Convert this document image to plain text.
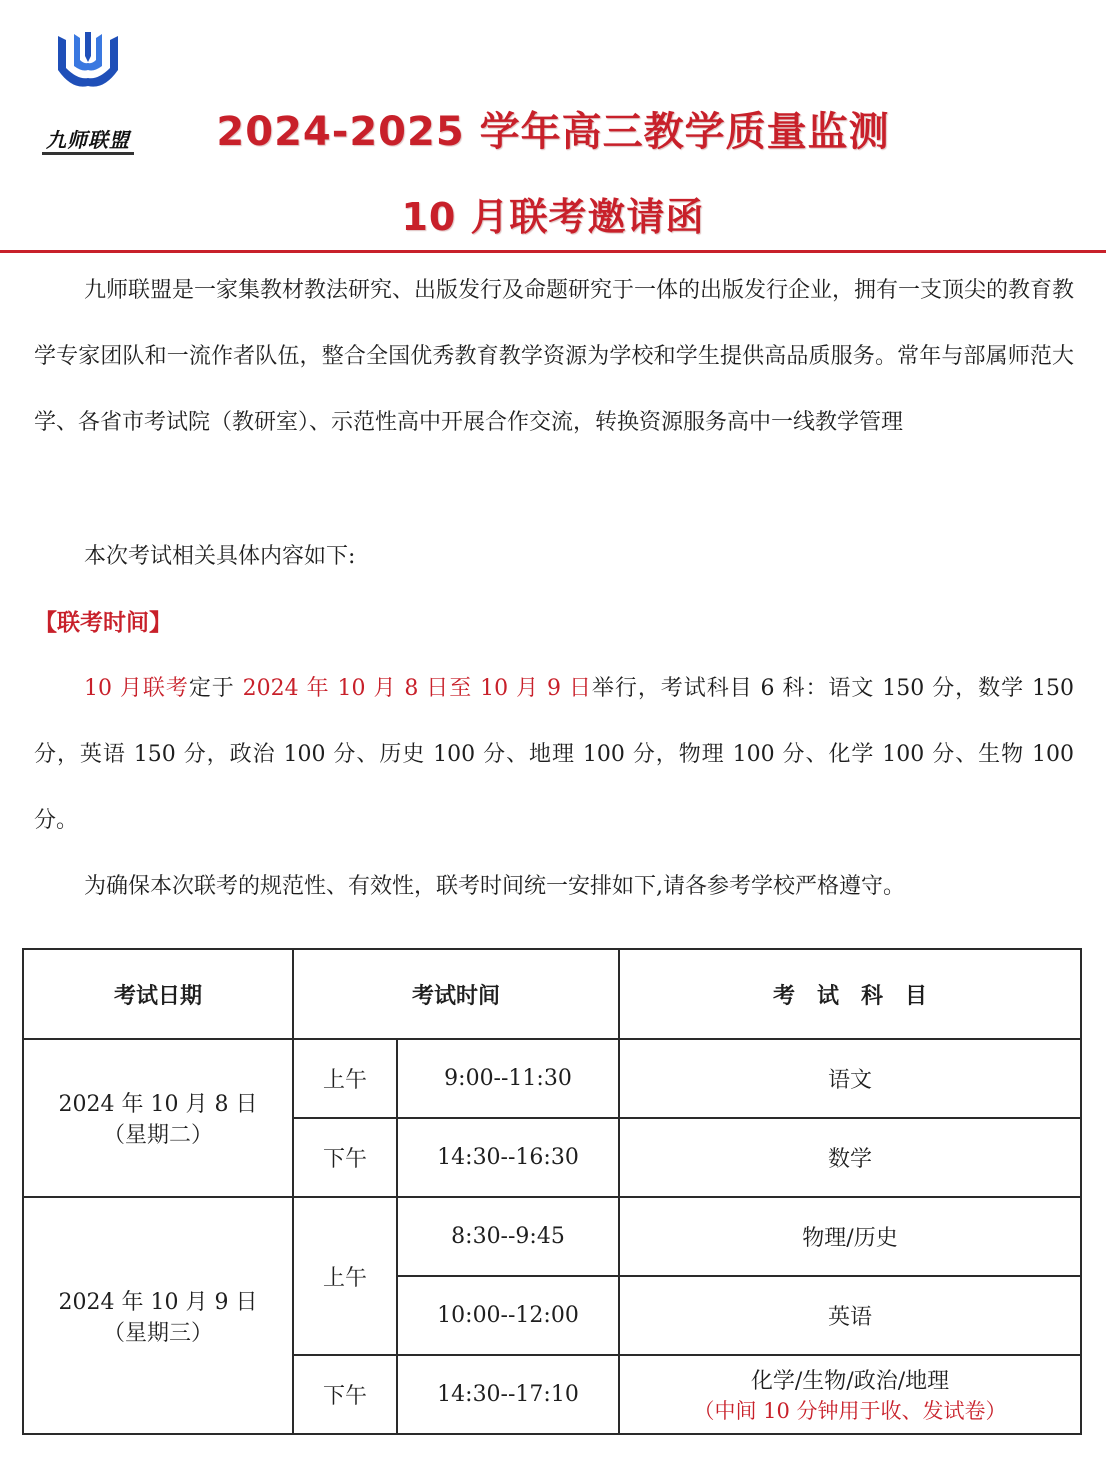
九师联盟	2024-2025 学年高三教学质量监测
10 月联考邀请函

九师联盟是一家集教材教法研究、出版发行及命题研究于一体的出版发行企业，拥有一支顶尖的教育教学专家团队和一流作者队伍，整合全国优秀教育教学资源为学校和学生提供高品质服务。常年与部属师范大学、各省市考试院（教研室）、示范性高中开展合作交流，转换资源服务高中一线教学管理

本次考试相关具体内容如下:

【联考时间】

10 月联考定于 2024 年 10 月 8 日至 10 月 9 日举行，考试科目 6 科：语文 150 分，数学 150 分，英语 150 分，政治 100 分、历史 100 分、地理 100 分，物理 100 分、化学 100 分、生物 100 分。

为确保本次联考的规范性、有效性，联考时间统一安排如下,请各参考学校严格遵守。

考试日期	考试时间		考　试　科　目

2024 年 10 月 8 日
（星期二）	上午	9:00--11:30	语文
	下午	14:30--16:30	数学

2024 年 10 月 9 日
（星期三）	上午	8:30--9:45	物理/历史
		10:00--12:00	英语
	下午	14:30--17:10	化学/生物/政治/地理
（中间 10 分钟用于收、发试卷）
